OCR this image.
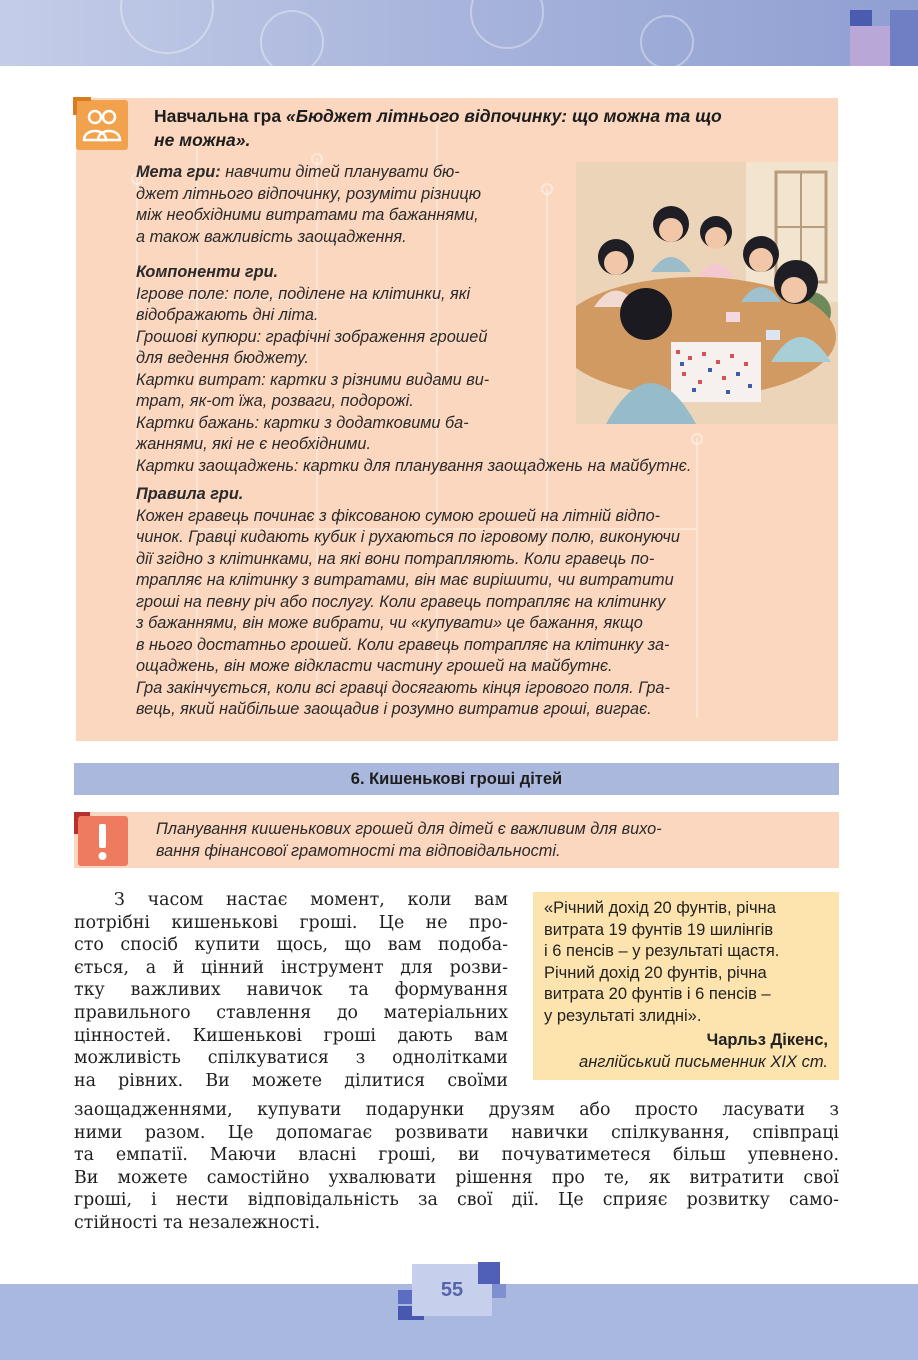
Навчальна гра «Бюджет літнього відпочинку: що можна та що
не можна».
Мета гри: навчити дітей планувати бю-
джет літнього відпочинку, розуміти різницю
між необхідними витратами та бажаннями,
а також важливість заощадження.
Компоненти гри.
Ігрове поле: поле, поділене на клітинки, які
відображають дні літа.
Грошові купюри: графічні зображення грошей
для ведення бюджету.
Картки витрат: картки з різними видами ви-
трат, як-от їжа, розваги, подорожі.
Картки бажань: картки з додатковими ба-
жаннями, які не є необхідними.
Картки заощаджень: картки для планування заощаджень на майбутнє.
Правила гри.
Кожен гравець починає з фіксованою сумою грошей на літній відпо-
чинок. Гравці кидають кубик і рухаються по ігровому полю, виконуючи
дії згідно з клітинками, на які вони потрапляють. Коли гравець по-
трапляє на клітинку з витратами, він має вирішити, чи витратити
гроші на певну річ або послугу. Коли гравець потрапляє на клітинку
з бажаннями, він може вибрати, чи «купувати» це бажання, якщо
в нього достатньо грошей. Коли гравець потрапляє на клітинку за-
ощаджень, він може відкласти частину грошей на майбутнє.
Гра закінчується, коли всі гравці досягають кінця ігрового поля. Гра-
вець, який найбільше заощадив і розумно витратив гроші, виграє.
6. Кишенькові гроші дітей
Планування кишенькових грошей для дітей є важливим для вихо-
вання фінансової грамотності та відповідальності.
«Річний дохід 20 фунтів, річна
витрата 19 фунтів 19 шилінгів
і 6 пенсів – у результаті щастя.
Річний дохід 20 фунтів, річна
витрата 20 фунтів і 6 пенсів –
у результаті злидні».
Чарльз Дікенс,
англійський письменник XIX ст.
З часом настає момент, коли вам
потрібні кишенькові гроші. Це не про-
сто спосіб купити щось, що вам подоба-
ється, а й цінний інструмент для розви-
тку важливих навичок та формування
правильного ставлення до матеріальних
цінностей. Кишенькові гроші дають вам
можливість спілкуватися з однолітками
на рівних. Ви можете ділитися своїми
заощадженнями, купувати подарунки друзям або просто ласувати з
ними разом. Це допомагає розвивати навички спілкування, співпраці
та емпатії. Маючи власні гроші, ви почуватиметеся більш упевнено.
Ви можете самостійно ухвалювати рішення про те, як витратити свої
гроші, і нести відповідальність за свої дії. Це сприяє розвитку само-
стійності та незалежності.
55
